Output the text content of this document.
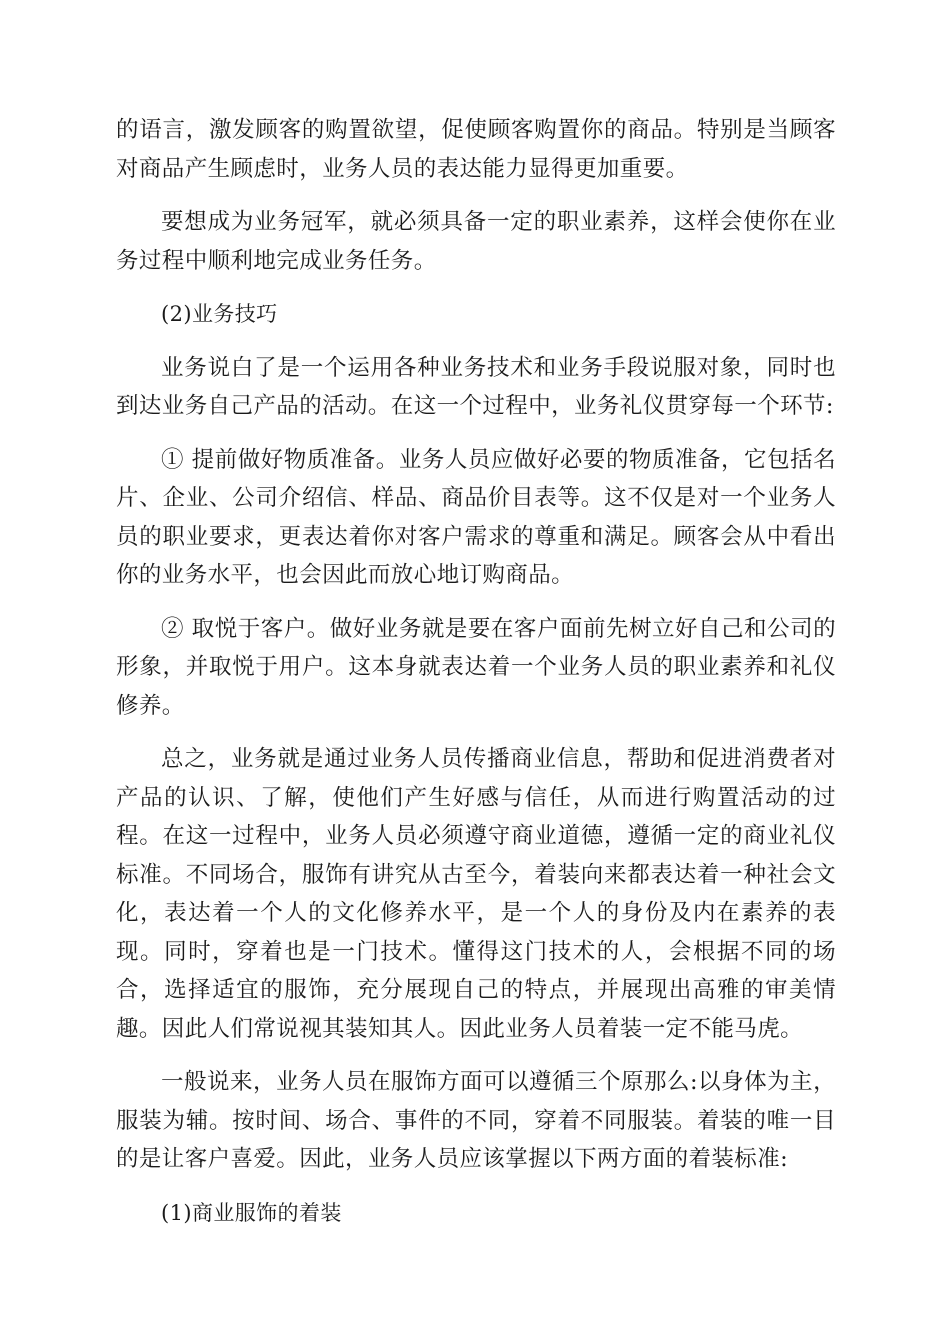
的语言，激发顾客的购置欲望，促使顾客购置你的商品。特别是当顾客对商品产生顾虑时，业务人员的表达能力显得更加重要。

要想成为业务冠军，就必须具备一定的职业素养，这样会使你在业务过程中顺利地完成业务任务。

(2)业务技巧

业务说白了是一个运用各种业务技术和业务手段说服对象，同时也到达业务自己产品的活动。在这一个过程中，业务礼仪贯穿每一个环节:

① 提前做好物质准备。业务人员应做好必要的物质准备，它包括名片、企业、公司介绍信、样品、商品价目表等。这不仅是对一个业务人员的职业要求，更表达着你对客户需求的尊重和满足。顾客会从中看出你的业务水平，也会因此而放心地订购商品。

② 取悦于客户。做好业务就是要在客户面前先树立好自己和公司的形象，并取悦于用户。这本身就表达着一个业务人员的职业素养和礼仪修养。

总之，业务就是通过业务人员传播商业信息，帮助和促进消费者对产品的认识、了解，使他们产生好感与信任，从而进行购置活动的过程。在这一过程中，业务人员必须遵守商业道德，遵循一定的商业礼仪标准。不同场合，服饰有讲究从古至今，着装向来都表达着一种社会文化，表达着一个人的文化修养水平，是一个人的身份及内在素养的表现。同时，穿着也是一门技术。懂得这门技术的人，会根据不同的场合，选择适宜的服饰，充分展现自己的特点，并展现出高雅的审美情趣。因此人们常说视其装知其人。因此业务人员着装一定不能马虎。

一般说来，业务人员在服饰方面可以遵循三个原那么:以身体为主，服装为辅。按时间、场合、事件的不同，穿着不同服装。着装的唯一目的是让客户喜爱。因此，业务人员应该掌握以下两方面的着装标准:

(1)商业服饰的着装
